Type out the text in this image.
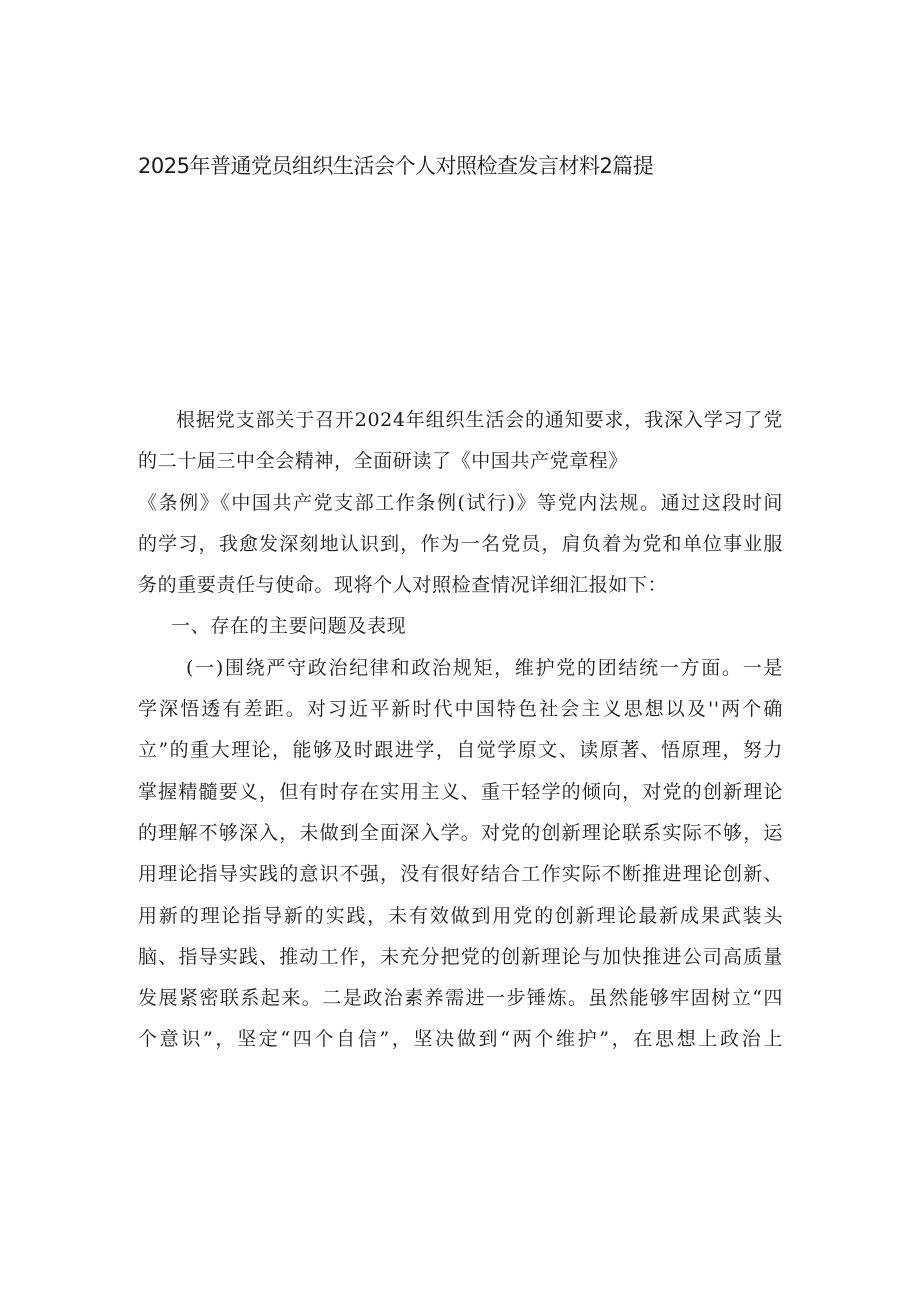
2025年普通党员组织生活会个人对照检查发言材料2篇提
根据党支部关于召开2024年组织生活会的通知要求，我深入学习了党
的二十届三中全会精神，全面研读了《中国共产党章程》
《条例》《中国共产党支部工作条例(试行)》等党内法规。通过这段时间
的学习，我愈发深刻地认识到，作为一名党员，肩负着为党和单位事业服
务的重要责任与使命。现将个人对照检查情况详细汇报如下：
一、存在的主要问题及表现
(一)围绕严守政治纪律和政治规矩，维护党的团结统一方面。一是
学深悟透有差距。对习近平新时代中国特色社会主义思想以及''两个确
立”的重大理论，能够及时跟进学，自觉学原文、读原著、悟原理，努力
掌握精髓要义，但有时存在实用主义、重干轻学的倾向，对党的创新理论
的理解不够深入，未做到全面深入学。对党的创新理论联系实际不够，运
用理论指导实践的意识不强，没有很好结合工作实际不断推进理论创新、
用新的理论指导新的实践，未有效做到用党的创新理论最新成果武装头
脑、指导实践、推动工作，未充分把党的创新理论与加快推进公司高质量
发展紧密联系起来。二是政治素养需进一步锤炼。虽然能够牢固树立“四
个意识”，坚定“四个自信”，坚决做到“两个维护”，在思想上政治上
